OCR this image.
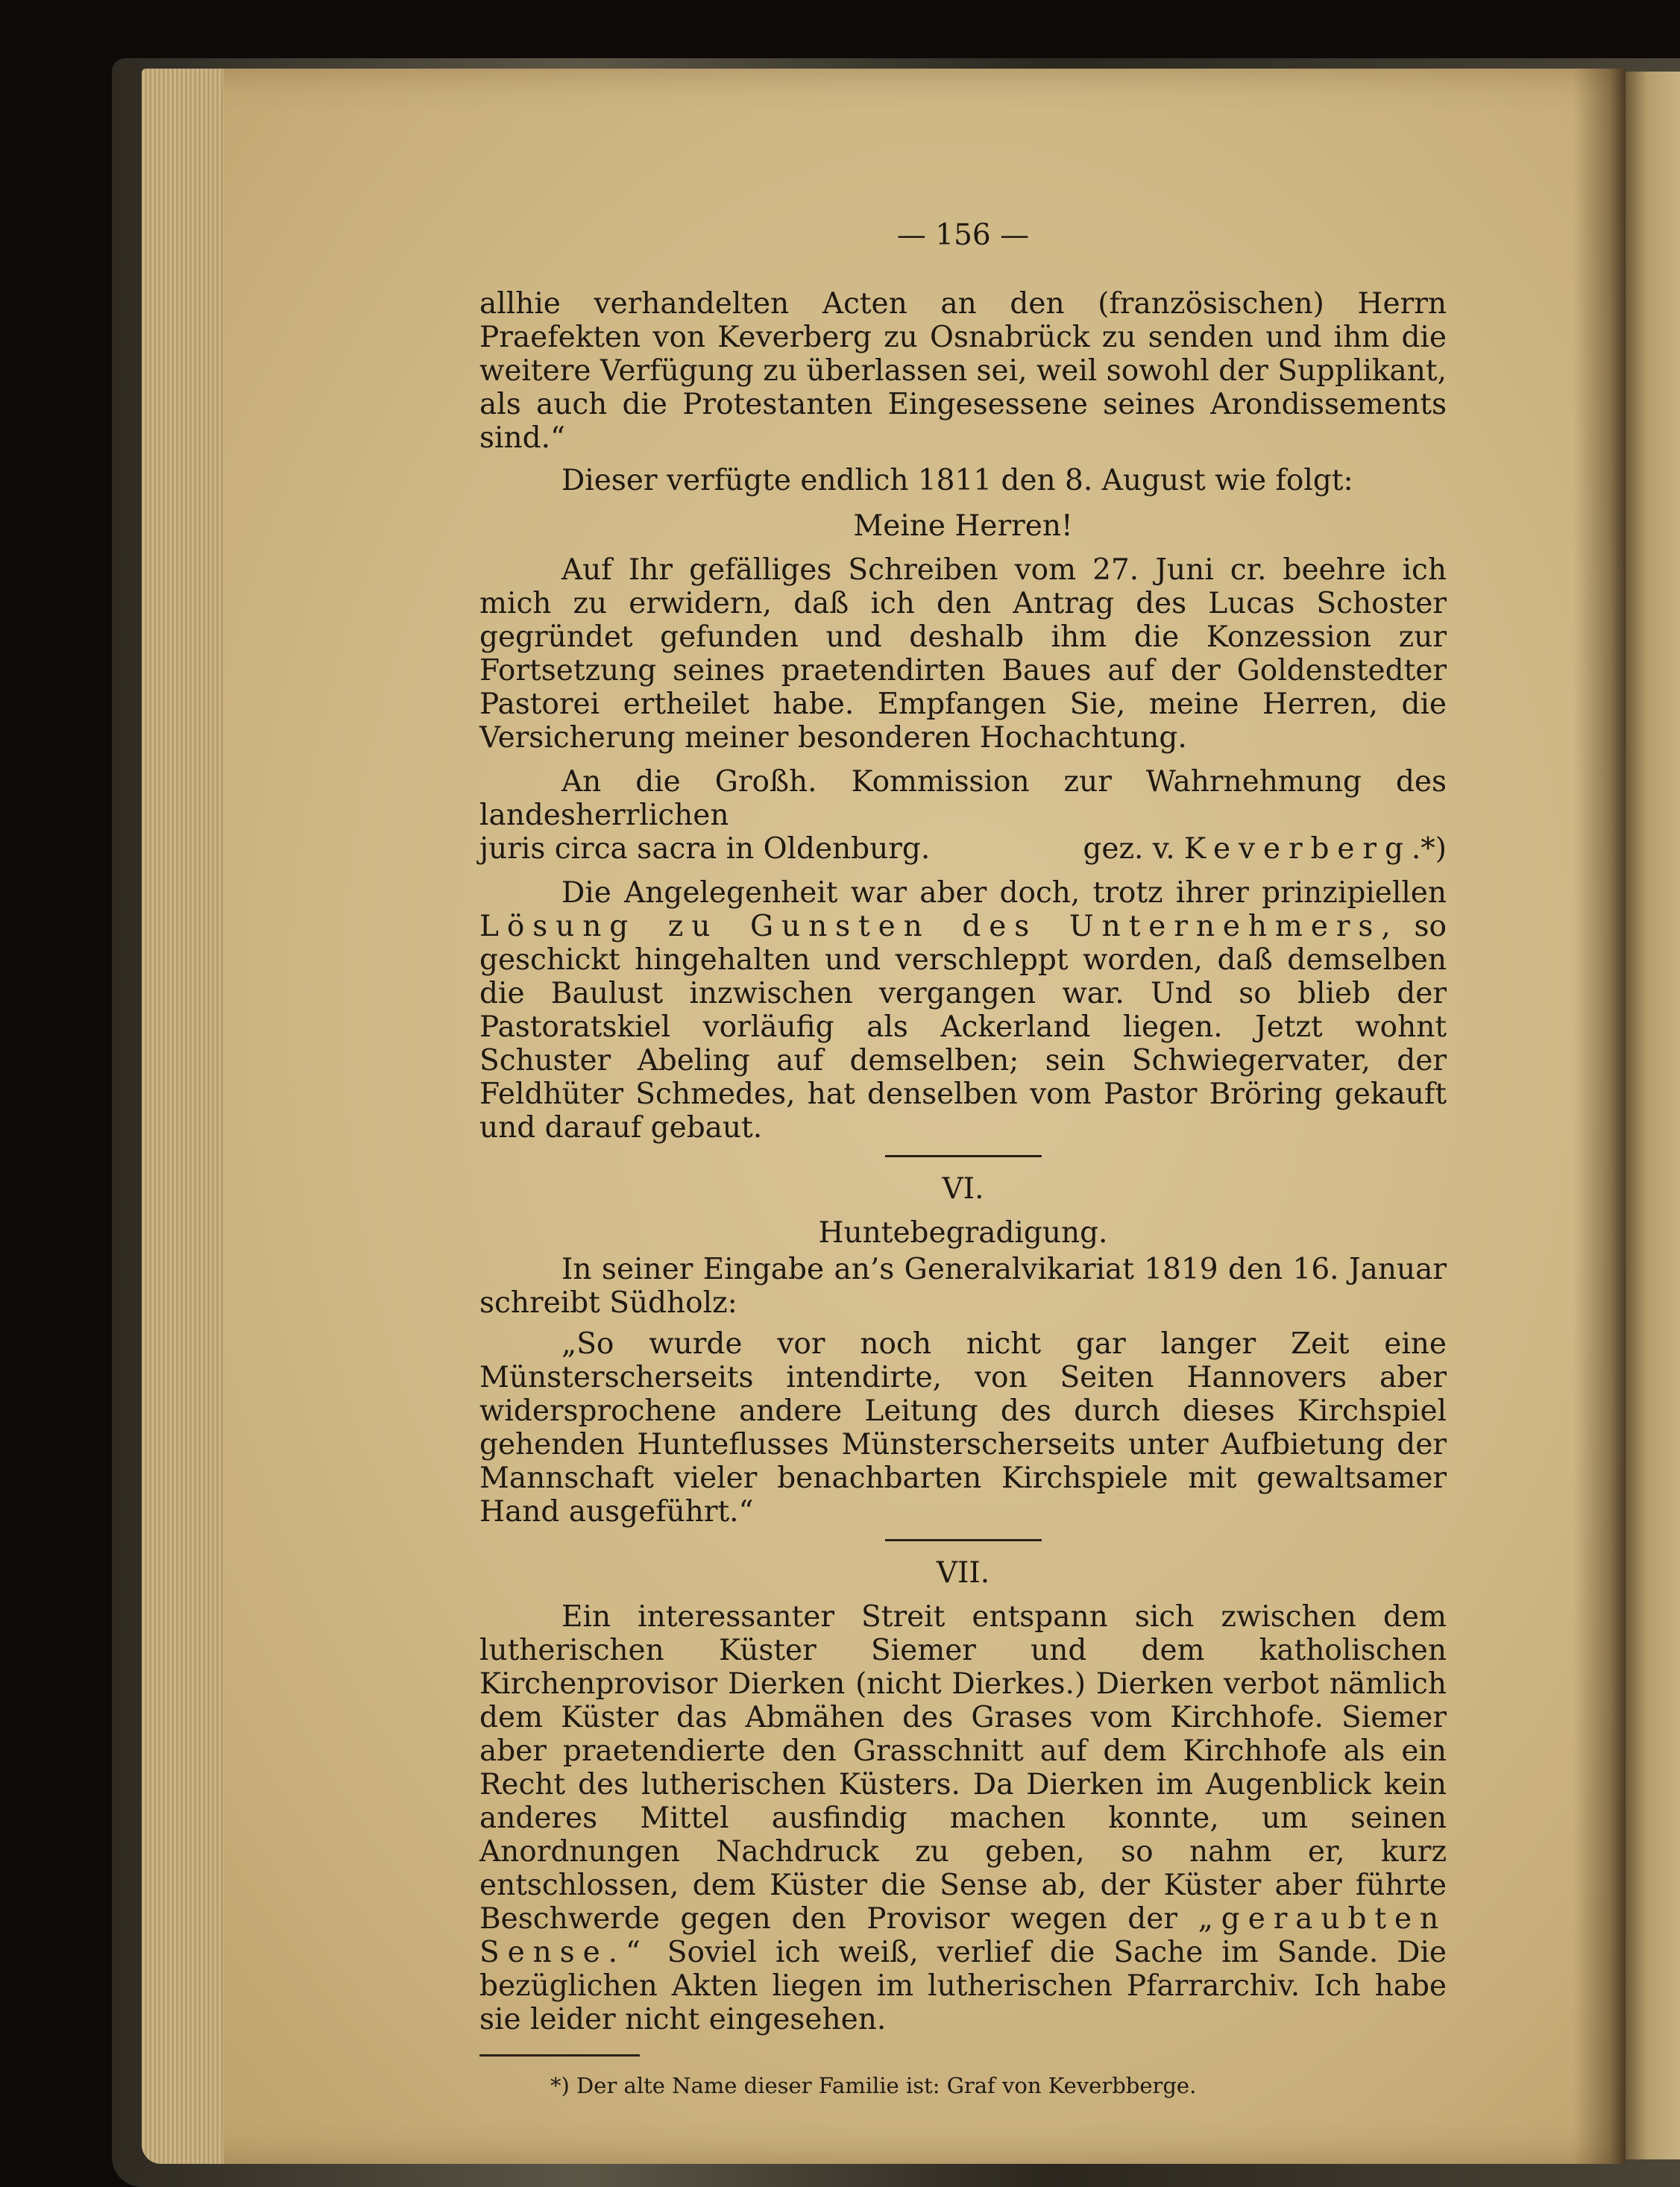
— 156 —

allhie verhandelten Acten an den (französischen) Herrn Praefekten von Keverberg zu Osnabrück zu senden und ihm die weitere Verfügung zu überlassen sei, weil sowohl der Supplikant, als auch die Protestanten Eingesessene seines Arondissements sind.“

Dieser verfügte endlich 1811 den 8. August wie folgt:

Meine Herren!

Auf Ihr gefälliges Schreiben vom 27. Juni cr. beehre ich mich zu erwidern, daß ich den Antrag des Lucas Schoster gegründet gefunden und deshalb ihm die Konzession zur Fortsetzung seines praetendirten Baues auf der Goldenstedter Pastorei ertheilet habe. Empfangen Sie, meine Herren, die Versicherung meiner besonderen Hochachtung.

An die Großh. Kommission zur Wahrnehmung des landesherrlichen

juris circa sacra in Oldenburg.	gez. v. Keverberg.*)

Die Angelegenheit war aber doch, trotz ihrer prinzipiellen Lösung zu Gunsten des Unternehmers, so geschickt hingehalten und verschleppt worden, daß demselben die Baulust inzwischen vergangen war. Und so blieb der Pastoratskiel vorläufig als Ackerland liegen. Jetzt wohnt Schuster Abeling auf demselben; sein Schwiegervater, der Feldhüter Schmedes, hat denselben vom Pastor Bröring gekauft und darauf gebaut.

VI.

Huntebegradigung.

In seiner Eingabe an’s Generalvikariat 1819 den 16. Januar schreibt Südholz:

„So wurde vor noch nicht gar langer Zeit eine Münsterscherseits intendirte, von Seiten Hannovers aber widersprochene andere Leitung des durch dieses Kirchspiel gehenden Hunteflusses Münsterscherseits unter Aufbietung der Mannschaft vieler benachbarten Kirchspiele mit gewaltsamer Hand ausgeführt.“

VII.

Ein interessanter Streit entspann sich zwischen dem lutherischen Küster Siemer und dem katholischen Kirchenprovisor Dierken (nicht Dierkes.) Dierken verbot nämlich dem Küster das Abmähen des Grases vom Kirchhofe. Siemer aber praetendierte den Grasschnitt auf dem Kirchhofe als ein Recht des lutherischen Küsters. Da Dierken im Augenblick kein anderes Mittel ausfindig machen konnte, um seinen Anordnungen Nachdruck zu geben, so nahm er, kurz entschlossen, dem Küster die Sense ab, der Küster aber führte Beschwerde gegen den Provisor wegen der „geraubten Sense.“ Soviel ich weiß, verlief die Sache im Sande. Die bezüglichen Akten liegen im lutherischen Pfarrarchiv. Ich habe sie leider nicht eingesehen.

*) Der alte Name dieser Familie ist: Graf von Keverbberge.
